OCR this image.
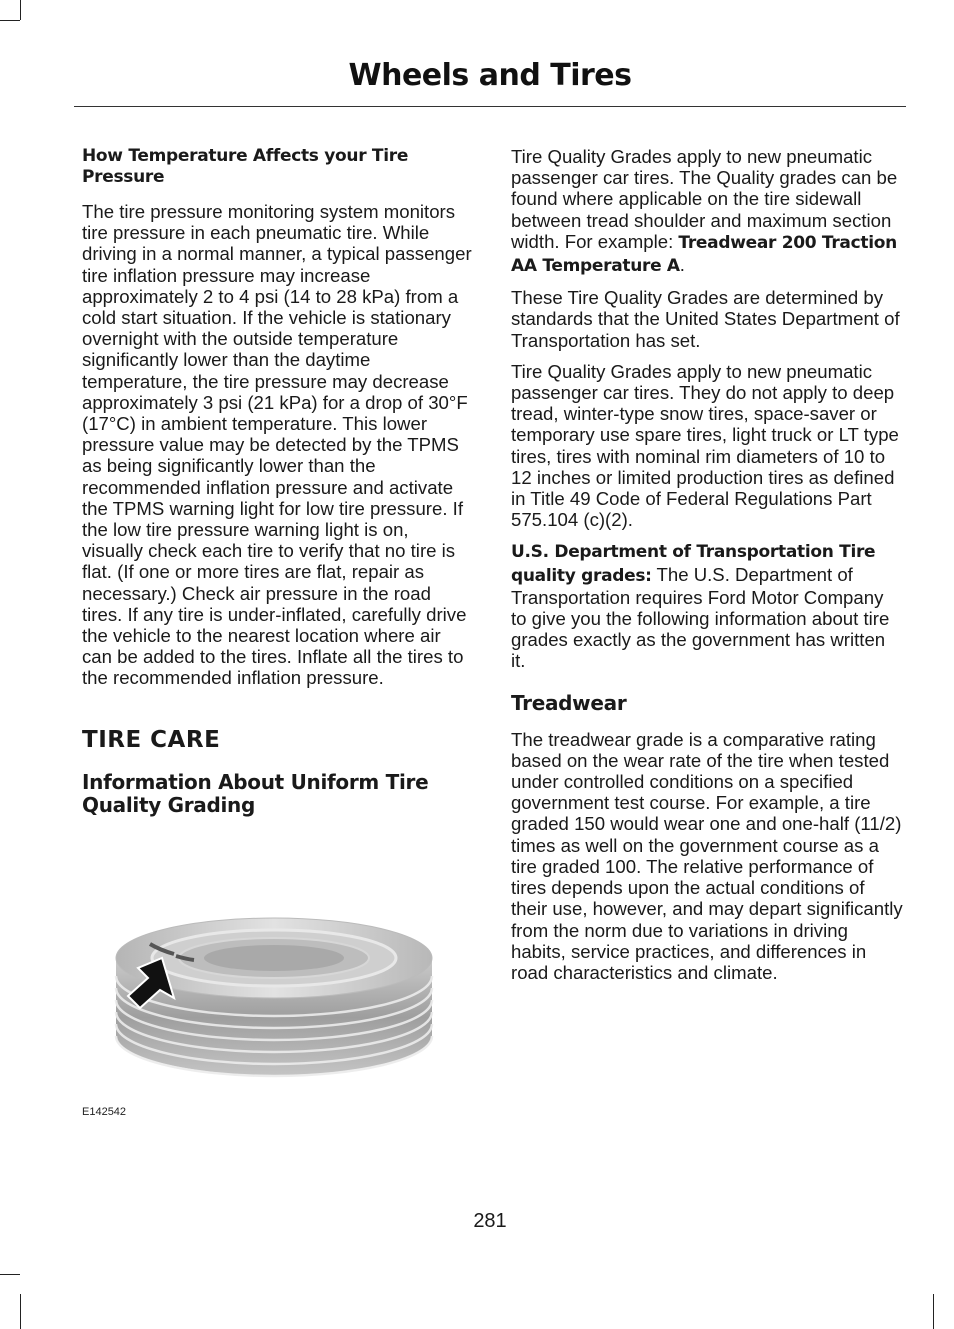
Wheels and Tires
How Temperature Affects your Tire Pressure

The tire pressure monitoring system monitors tire pressure in each pneumatic tire. While driving in a normal manner, a typical passenger tire inflation pressure may increase approximately 2 to 4 psi (14 to 28 kPa) from a cold start situation. If the vehicle is stationary overnight with the outside temperature significantly lower than the daytime temperature, the tire pressure may decrease approximately 3 psi (21 kPa) for a drop of 30°F (17°C) in ambient temperature. This lower pressure value may be detected by the TPMS as being significantly lower than the recommended inflation pressure and activate the TPMS warning light for low tire pressure. If the low tire pressure warning light is on, visually check each tire to verify that no tire is flat. (If one or more tires are flat, repair as necessary.) Check air pressure in the road tires. If any tire is under-inflated, carefully drive the vehicle to the nearest location where air can be added to the tires. Inflate all the tires to the recommended inflation pressure.

TIRE CARE
Information About Uniform Tire Quality Grading
E142542

Tire Quality Grades apply to new pneumatic passenger car tires. The Quality grades can be found where applicable on the tire sidewall between tread shoulder and maximum section width. For example: Treadwear 200 Traction AA Temperature A.

These Tire Quality Grades are determined by standards that the United States Department of Transportation has set.

Tire Quality Grades apply to new pneumatic passenger car tires. They do not apply to deep tread, winter-type snow tires, space-saver or temporary use spare tires, light truck or LT type tires, tires with nominal rim diameters of 10 to 12 inches or limited production tires as defined in Title 49 Code of Federal Regulations Part 575.104 (c)(2).

U.S. Department of Transportation Tire quality grades: The U.S. Department of Transportation requires Ford Motor Company to give you the following information about tire grades exactly as the government has written it.

Treadwear

The treadwear grade is a comparative rating based on the wear rate of the tire when tested under controlled conditions on a specified government test course. For example, a tire graded 150 would wear one and one-half (11/2) times as well on the government course as a tire graded 100. The relative performance of tires depends upon the actual conditions of their use, however, and may depart significantly from the norm due to variations in driving habits, service practices, and differences in road characteristics and climate.

281
